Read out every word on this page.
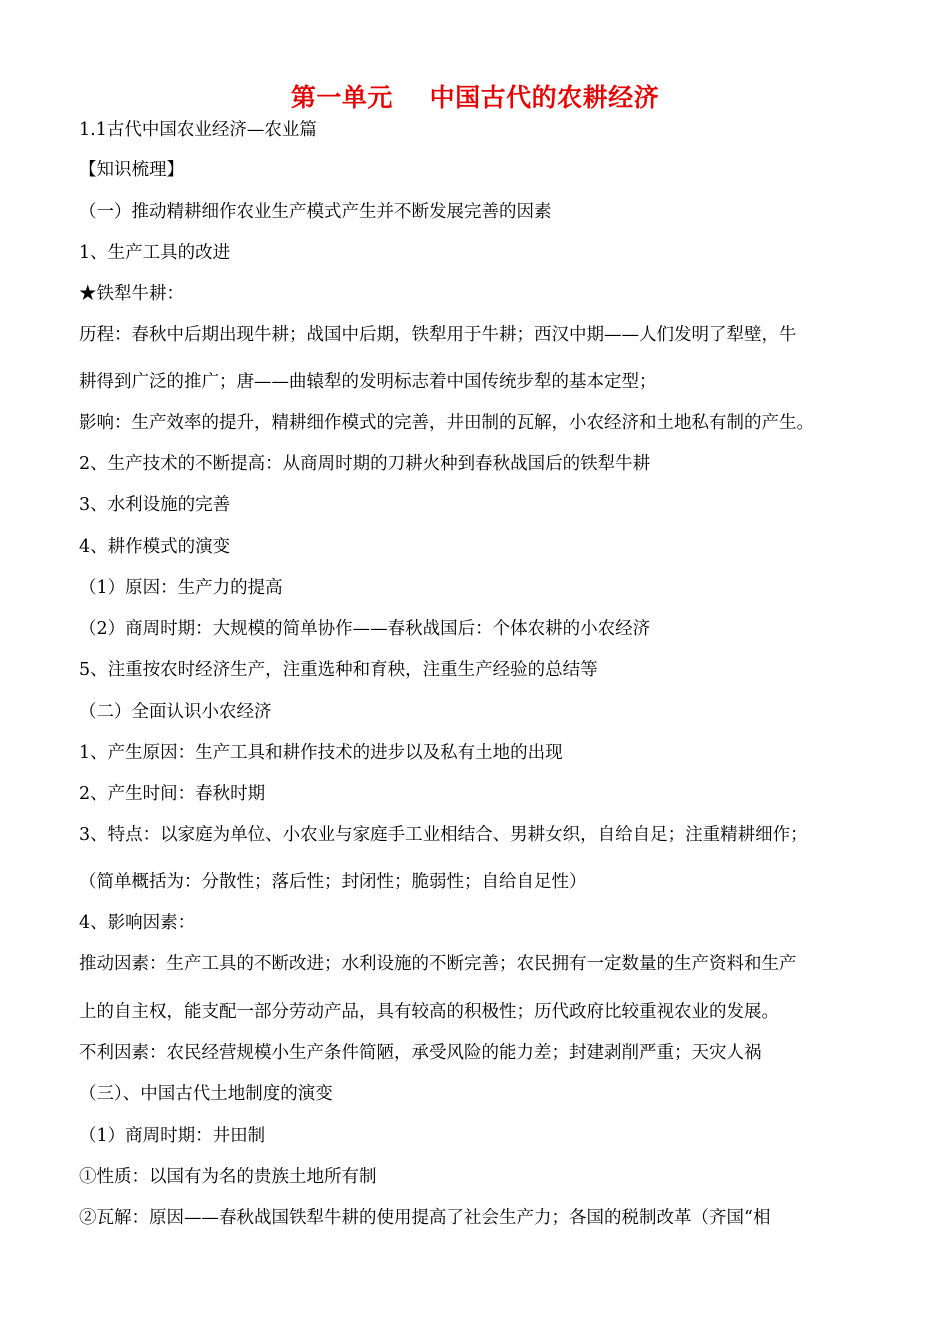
第一单元    中国古代的农耕经济
1.1古代中国农业经济—农业篇
【知识梳理】
（一）推动精耕细作农业生产模式产生并不断发展完善的因素
1、生产工具的改进
★铁犁牛耕：
历程：春秋中后期出现牛耕；战国中后期，铁犁用于牛耕；西汉中期——人们发明了犁壁，牛
耕得到广泛的推广；唐——曲辕犁的发明标志着中国传统步犁的基本定型；
影响：生产效率的提升，精耕细作模式的完善，井田制的瓦解，小农经济和土地私有制的产生。
2、生产技术的不断提高：从商周时期的刀耕火种到春秋战国后的铁犁牛耕
3、水利设施的完善
4、耕作模式的演变
（1）原因：生产力的提高
（2）商周时期：大规模的简单协作——春秋战国后：个体农耕的小农经济
5、注重按农时经济生产，注重选种和育秧，注重生产经验的总结等
（二）全面认识小农经济
1、产生原因：生产工具和耕作技术的进步以及私有土地的出现
2、产生时间：春秋时期
3、特点：以家庭为单位、小农业与家庭手工业相结合、男耕女织，自给自足；注重精耕细作；
（简单概括为：分散性；落后性；封闭性；脆弱性；自给自足性）
4、影响因素：
推动因素：生产工具的不断改进；水利设施的不断完善；农民拥有一定数量的生产资料和生产
上的自主权，能支配一部分劳动产品，具有较高的积极性；历代政府比较重视农业的发展。
不利因素：农民经营规模小生产条件简陋，承受风险的能力差；封建剥削严重；天灾人祸
（三）、中国古代土地制度的演变
（1）商周时期：井田制
①性质：以国有为名的贵族土地所有制
②瓦解：原因——春秋战国铁犁牛耕的使用提高了社会生产力；各国的税制改革（齐国“相
